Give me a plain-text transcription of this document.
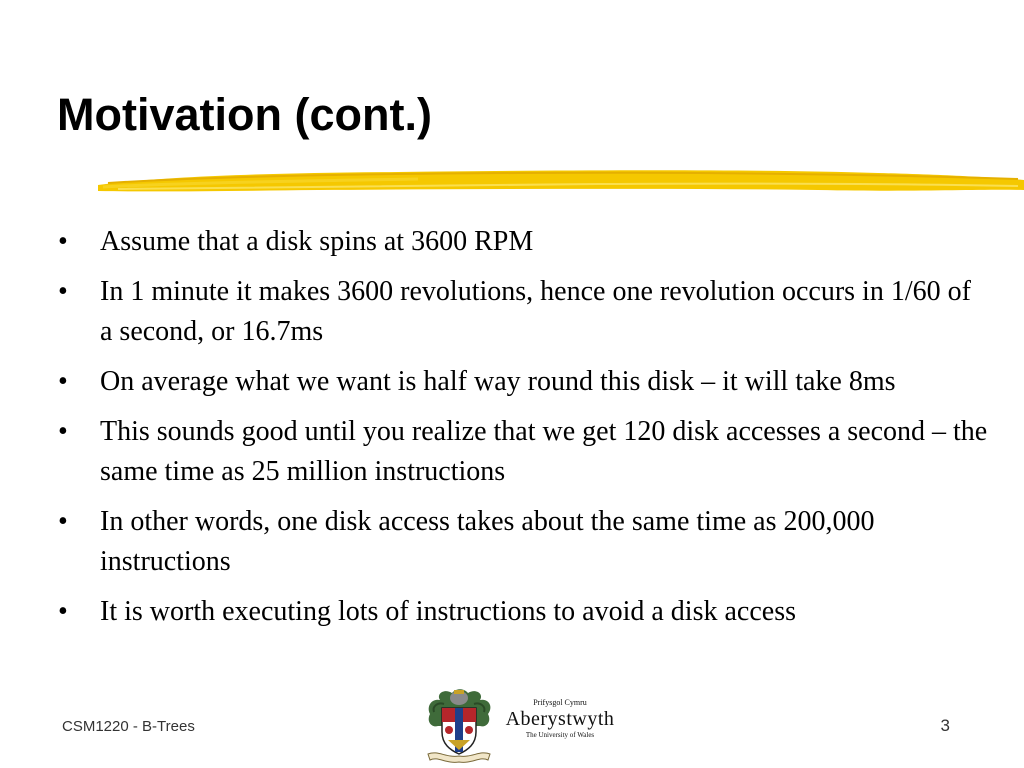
Motivation (cont.)
• Assume that a disk spins at 3600 RPM
• In 1 minute it makes 3600 revolutions, hence one revolution occurs in 1/60 of a second, or 16.7ms
• On average what we want is half way round this disk – it will take 8ms
• This sounds good until you realize that we get 120 disk accesses a second – the same time as 25 million instructions
• In other words, one disk access takes about the same time as 200,000 instructions
• It is worth executing lots of instructions to avoid a disk access
CSM1220 - B-Trees
Prifysgol Cymru
Aberystwyth
The University of Wales	3
